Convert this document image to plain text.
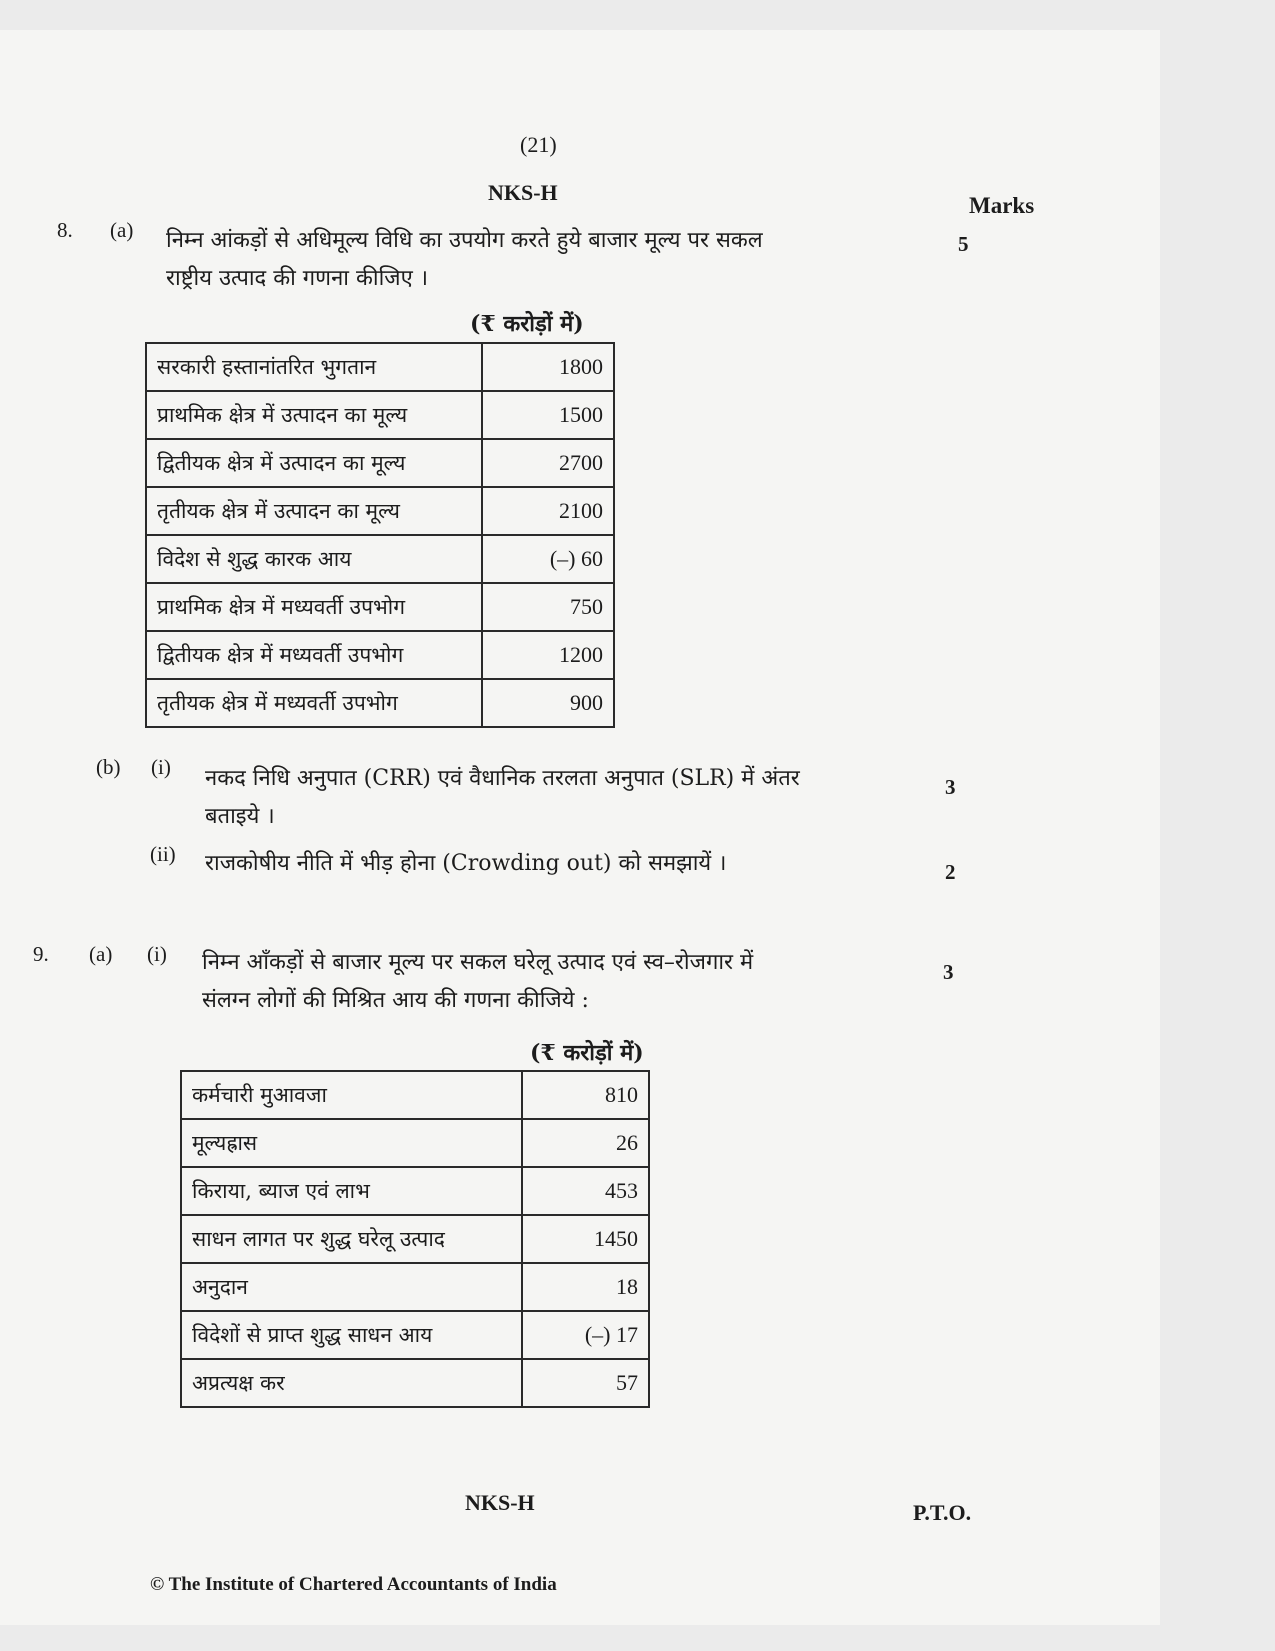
(21)
NKS-H
Marks
8. (a) निम्न आंकड़ों से अधिमूल्य विधि का उपयोग करते हुये बाजार मूल्य पर सकल
राष्ट्रीय उत्पाद की गणना कीजिए ।
5
(₹ करोड़ों में)
सरकारी हस्तानांतरित भुगतान	1800
प्राथमिक क्षेत्र में उत्पादन का मूल्य	1500
द्वितीयक क्षेत्र में उत्पादन का मूल्य	2700
तृतीयक क्षेत्र में उत्पादन का मूल्य	2100
विदेश से शुद्ध कारक आय	(–) 60
प्राथमिक क्षेत्र में मध्यवर्ती उपभोग	750
द्वितीयक क्षेत्र में मध्यवर्ती उपभोग	1200
तृतीयक क्षेत्र में मध्यवर्ती उपभोग	900
(b) (i) नकद निधि अनुपात (CRR) एवं वैधानिक तरलता अनुपात (SLR) में अंतर
बताइये ।
3
(ii) राजकोषीय नीति में भीड़ होना (Crowding out) को समझायें ।	2
9. (a) (i) निम्न आँकड़ों से बाजार मूल्य पर सकल घरेलू उत्पाद एवं स्व–रोजगार में
संलग्न लोगों की मिश्रित आय की गणना कीजिये :
3
(₹ करोड़ों में)
कर्मचारी मुआवजा	810
मूल्यह्रास	26
किराया, ब्याज एवं लाभ	453
साधन लागत पर शुद्ध घरेलू उत्पाद	1450
अनुदान	18
विदेशों से प्राप्त शुद्ध साधन आय	(–) 17
अप्रत्यक्ष कर	57
NKS-H	P.T.O.
© The Institute of Chartered Accountants of India
